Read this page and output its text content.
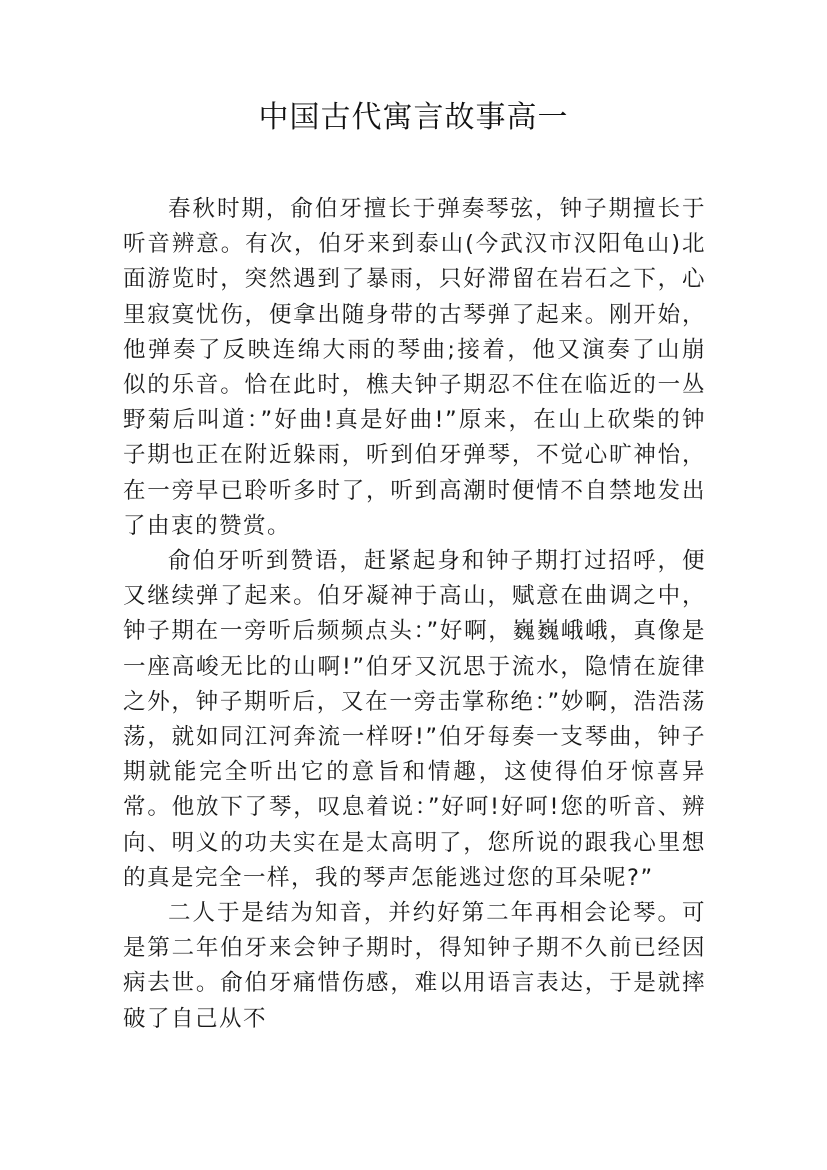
中国古代寓言故事高一

春秋时期，俞伯牙擅长于弹奏琴弦，钟子期擅长于听音辨意。有次，伯牙来到泰山(今武汉市汉阳龟山)北面游览时，突然遇到了暴雨，只好滞留在岩石之下，心里寂寞忧伤，便拿出随身带的古琴弹了起来。刚开始，他弹奏了反映连绵大雨的琴曲;接着，他又演奏了山崩似的乐音。恰在此时，樵夫钟子期忍不住在临近的一丛野菊后叫道：”好曲!真是好曲!”原来，在山上砍柴的钟子期也正在附近躲雨，听到伯牙弹琴，不觉心旷神怡，在一旁早已聆听多时了，听到高潮时便情不自禁地发出了由衷的赞赏。

俞伯牙听到赞语，赶紧起身和钟子期打过招呼，便又继续弹了起来。伯牙凝神于高山，赋意在曲调之中，钟子期在一旁听后频频点头：”好啊，巍巍峨峨，真像是一座高峻无比的山啊!”伯牙又沉思于流水，隐情在旋律之外，钟子期听后，又在一旁击掌称绝：”妙啊，浩浩荡荡，就如同江河奔流一样呀!”伯牙每奏一支琴曲，钟子期就能完全听出它的意旨和情趣，这使得伯牙惊喜异常。他放下了琴，叹息着说：”好呵!好呵!您的听音、辨向、明义的功夫实在是太高明了，您所说的跟我心里想的真是完全一样，我的琴声怎能逃过您的耳朵呢?”

二人于是结为知音，并约好第二年再相会论琴。可是第二年伯牙来会钟子期时，得知钟子期不久前已经因病去世。俞伯牙痛惜伤感，难以用语言表达，于是就摔破了自己从不
